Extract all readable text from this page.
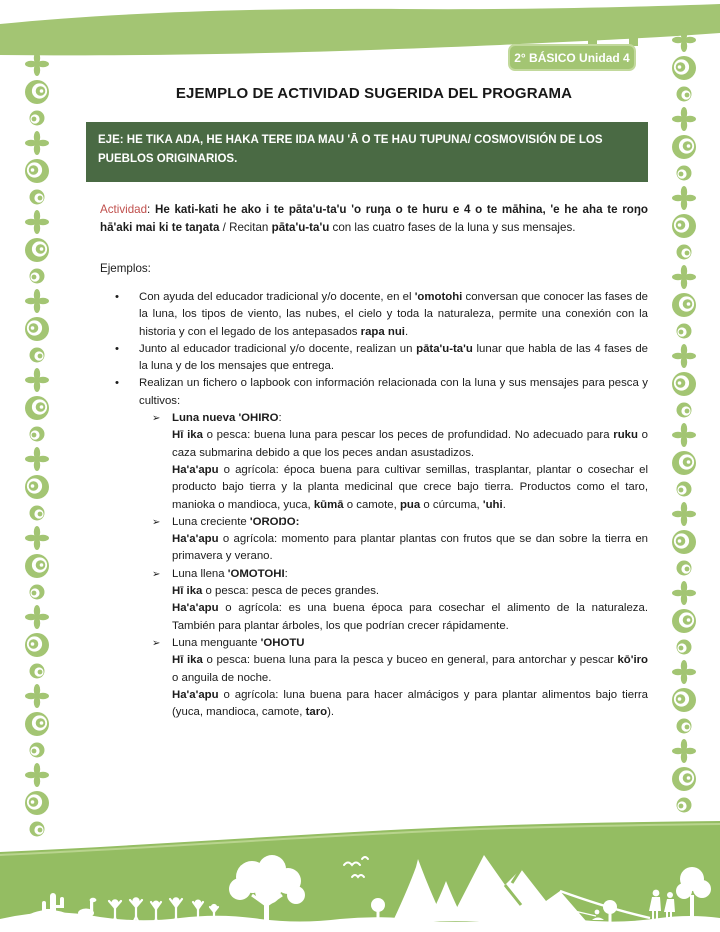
2° BÁSICO Unidad 4
EJEMPLO DE ACTIVIDAD SUGERIDA DEL PROGRAMA
EJE: HE TIKA AŊA, HE HAKA TERE IŊA MAU 'Ā O TE HAU TUPUNA/ COSMOVISIÓN DE LOS PUEBLOS ORIGINARIOS.

Actividad: He kati-kati he ako i te pāta'u-ta'u 'o ruŋa o te huru e 4 o te māhina, 'e he aha te roŋo hā'aki mai ki te taŋata / Recitan pāta'u-ta'u con las cuatro fases de la luna y sus mensajes.

Ejemplos:

•	Con ayuda del educador tradicional y/o docente, en el 'omotohi conversan que conocer las fases de la luna, los tipos de viento, las nubes, el cielo y toda la naturaleza, permite una conexión con la historia y con el legado de los antepasados rapa nui.
•	Junto al educador tradicional y/o docente, realizan un pāta'u-ta'u lunar que habla de las 4 fases de la luna y de los mensajes que entrega.
•	Realizan un fichero o lapbook con información relacionada con la luna y sus mensajes para pesca y cultivos:
➢	Luna nueva 'OHIRO:
Hī ika o pesca: buena luna para pescar los peces de profundidad. No adecuado para ruku o caza submarina debido a que los peces andan asustadizos.
Ha'a'apu o agrícola: época buena para cultivar semillas, trasplantar, plantar o cosechar el producto bajo tierra y la planta medicinal que crece bajo tierra. Productos como el taro, manioka o mandioca, yuca, kūmā o camote, pua o cúrcuma, 'uhi.
➢	Luna creciente 'OROŊO:
Ha'a'apu o agrícola: momento para plantar plantas con frutos que se dan sobre la tierra en primavera y verano.
➢	Luna llena 'OMOTOHI:
Hī ika o pesca: pesca de peces grandes.
Ha'a'apu o agrícola: es una buena época para cosechar el alimento de la naturaleza. También para plantar árboles, los que podrían crecer rápidamente.
➢	Luna menguante 'OHOTU
Hī ika o pesca: buena luna para la pesca y buceo en general, para antorchar y pescar kō'iro o anguila de noche.
Ha'a'apu o agrícola: luna buena para hacer almácigos y para plantar alimentos bajo tierra (yuca, mandioca, camote, taro).
